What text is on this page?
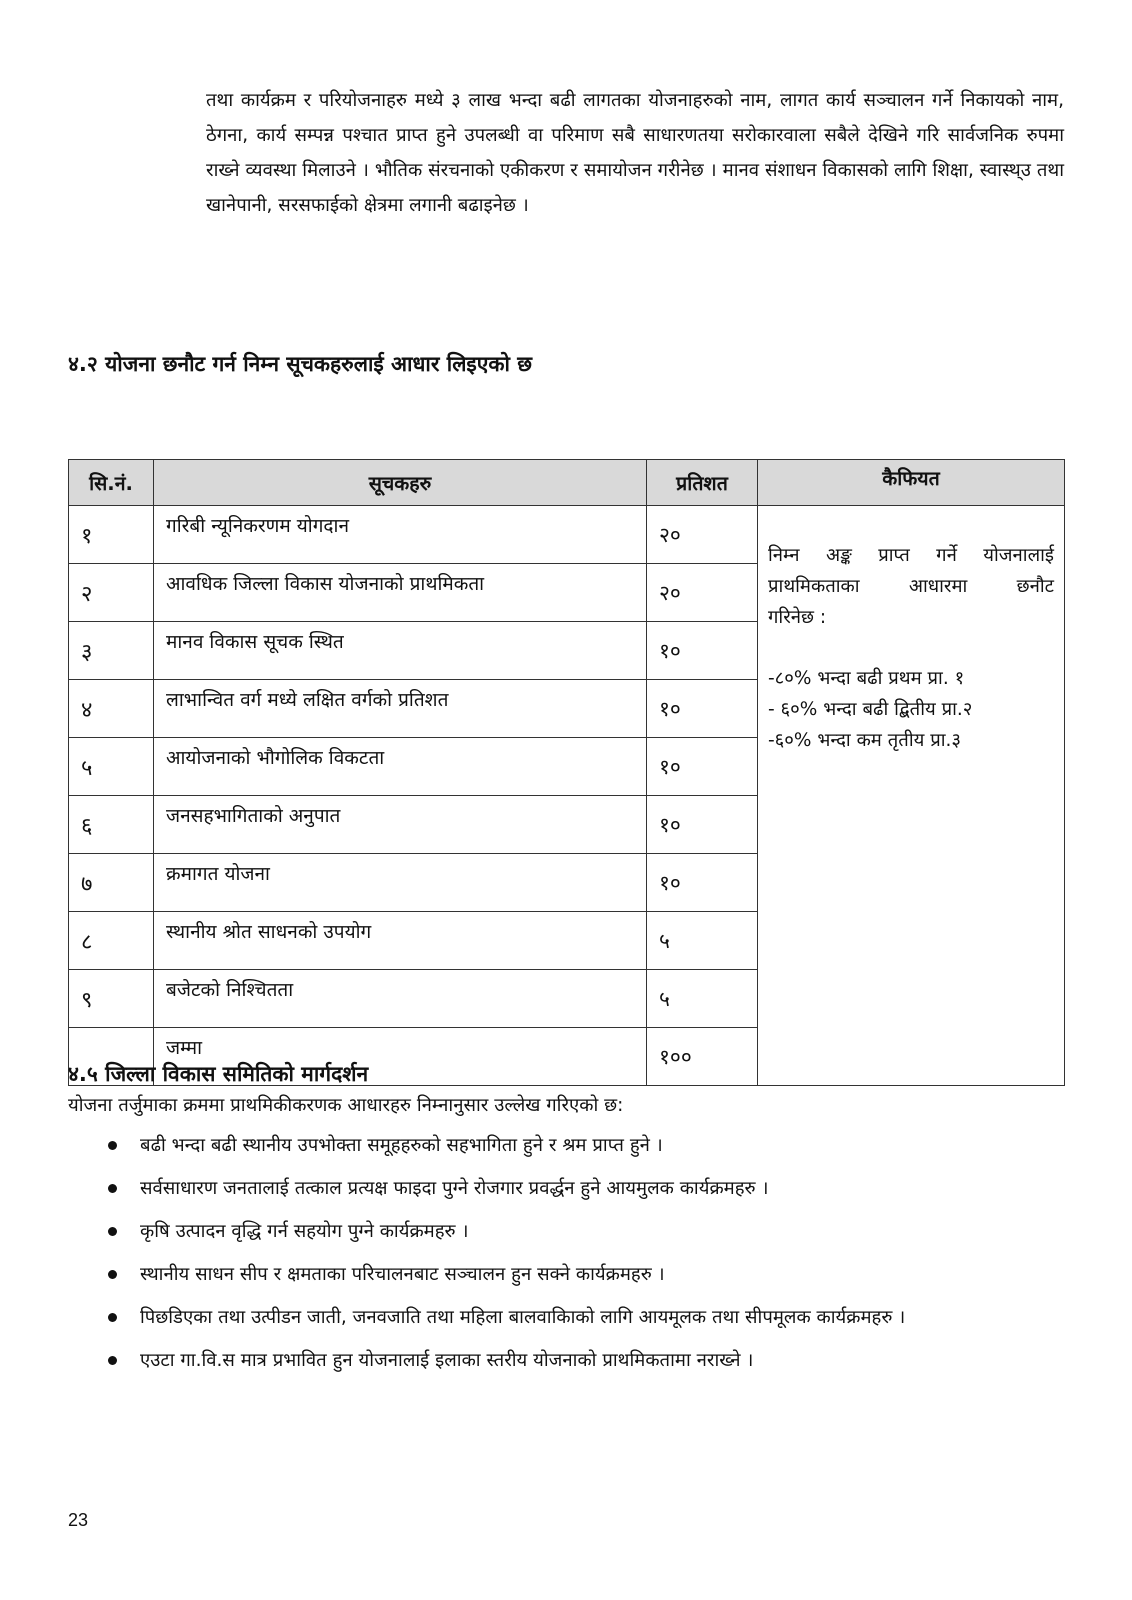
तथा कार्यक्रम र परियोजनाहरु मध्ये ३ लाख भन्दा बढी लागतका योजनाहरुको नाम, लागत कार्य सञ्चालन गर्ने निकायको नाम, ठेगना, कार्य सम्पन्न पश्चात प्राप्त हुने उपलब्धी वा परिमाण सबै साधारणतया सरोकारवाला सबैले देखिने गरि सार्वजनिक रुपमा राख्ने व्यवस्था मिलाउने । भौतिक संरचनाको एकीकरण र समायोजन गरीनेछ । मानव संशाधन विकासको लागि शिक्षा, स्वास्थ्उ तथा खानेपानी, सरसफाईको क्षेत्रमा लगानी बढाइनेछ ।

४.२ योजना छनौट गर्न निम्न सूचकहरुलाई आधार लिइएको छ
सि.नं.	सूचकहरु	प्रतिशत	कैफियत
१	गरिबी न्यूनिकरणम योगदान	२०	निम्न अङ्क प्राप्त गर्ने योजनालाई प्राथमिकताका आधारमा छनौट
गरिनेछ :

-८०% भन्दा बढी प्रथम प्रा. १
- ६०% भन्दा बढी द्बितीय प्रा.२
-६०% भन्दा कम तृतीय प्रा.३

२	आवधिक जिल्ला विकास योजनाको प्राथमिकता	२०	
३	मानव विकास सूचक स्थित	१०	
४	लाभान्वित वर्ग मध्ये लक्षित वर्गको प्रतिशत	१०	
५	आयोजनाको भौगोलिक विकटता	१०	
६	जनसहभागिताको अनुपात	१०	
७	क्रमागत योजना	१०	
८	स्थानीय श्रोत साधनको उपयोग	५	
९	बजेटको निश्चितता	५	
	जम्मा	१००	
४.५ जिल्ला विकास समितिको मार्गदर्शन

योजना तर्जुमाका क्रममा प्राथमिकीकरणक आधारहरु निम्नानुसार उल्लेख गरिएको छ:

बढी भन्दा बढी स्थानीय उपभोक्ता समूहहरुको सहभागिता हुने र श्रम प्राप्त हुने ।
सर्वसाधारण जनतालाई तत्काल प्रत्यक्ष फाइदा पुग्ने रोजगार प्रवर्द्धन हुने आयमुलक कार्यक्रमहरु ।
कृषि उत्पादन वृद्धि गर्न सहयोग पुग्ने कार्यक्रमहरु ।
स्थानीय साधन सीप र क्षमताका परिचालनबाट सञ्चालन हुन सक्ने कार्यक्रमहरु ।
पिछडिएका तथा उत्पीडन जाती, जनवजाति तथा महिला बालवाकिाको लागि आयमूलक तथा सीपमूलक कार्यक्रमहरु ।
एउटा गा.वि.स मात्र प्रभावित हुन योजनालाई इलाका स्तरीय योजनाको प्राथमिकतामा नराख्ने ।
23
